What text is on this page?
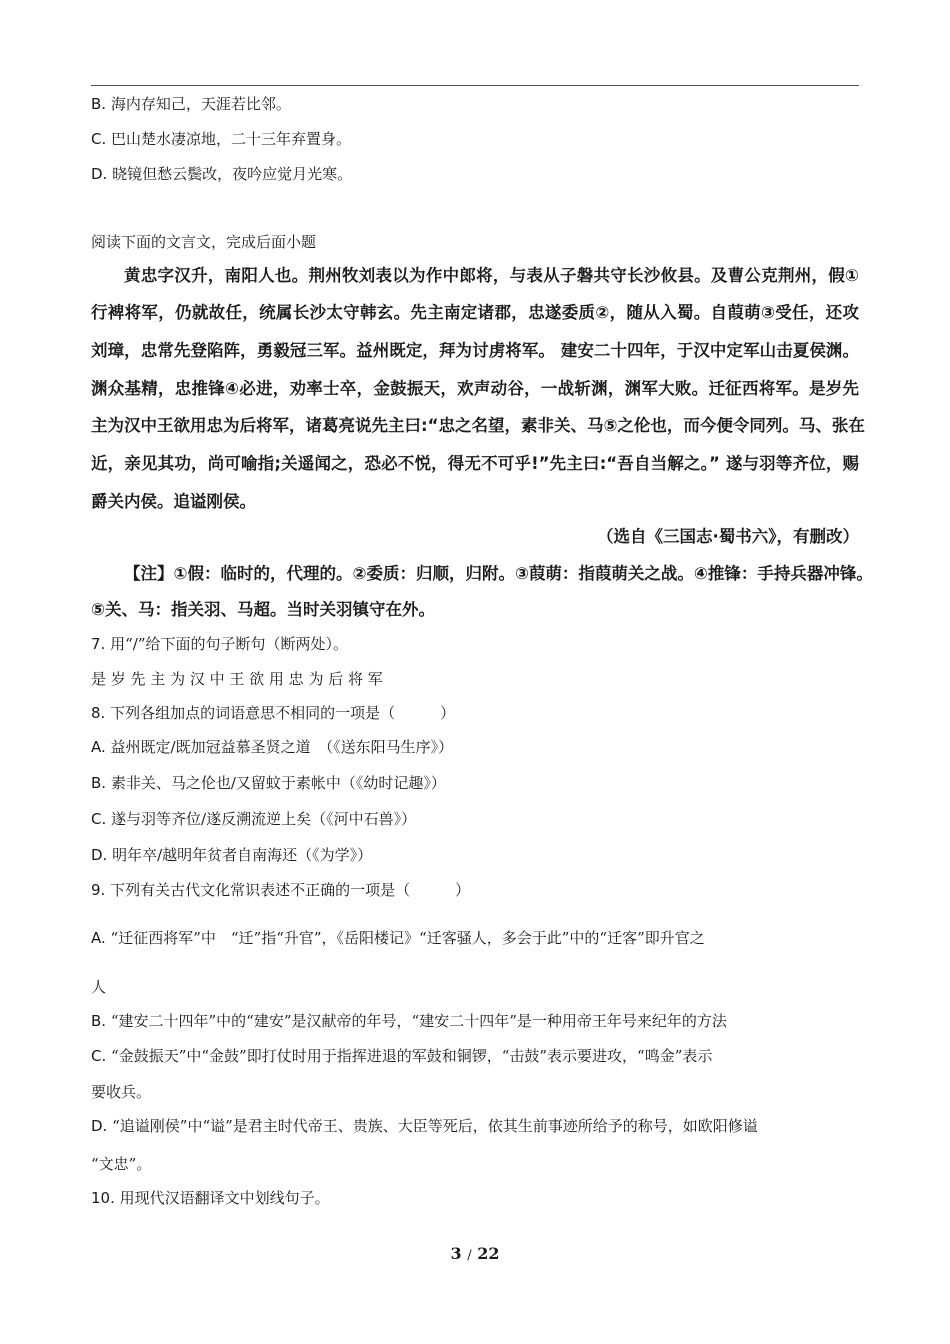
B. 海内存知己，天涯若比邻。
C. 巴山楚水凄凉地，二十三年弃置身。
D. 晓镜但愁云鬓改，夜吟应觉月光寒。
阅读下面的文言文，完成后面小题
黄忠字汉升，南阳人也。荆州牧刘表以为作中郎将，与表从子磐共守长沙攸县。及曹公克荆州，假①
行裨将军，仍就故任，统属长沙太守韩玄。先主南定诸郡，忠遂委质②，随从入蜀。自葭萌③受任，还攻
刘璋，忠常先登陷阵，勇毅冠三军。益州既定，拜为讨虏将军。 建安二十四年，于汉中定军山击夏侯渊。
渊众基精，忠推锋④必进，劝率士卒，金鼓振天，欢声动谷，一战斩渊，渊军大败。迁征西将军。是岁先
主为汉中王欲用忠为后将军，诸葛亮说先主曰:“忠之名望，素非关、马⑤之伦也，而今便令同列。马、张在
近，亲见其功，尚可喻指;关遥闻之，恐必不悦，得无不可乎!”先主曰:“吾自当解之。” 遂与羽等齐位，赐
爵关内侯。追谥刚侯。
（选自《三国志·蜀书六》，有删改）
【注】①假：临时的，代理的。②委质：归顺，归附。③葭萌：指葭萌关之战。④推锋：手持兵器冲锋。
⑤关、马：指关羽、马超。当时关羽镇守在外。
7. 用“/”给下面的句子断句（断两处）。
是 岁 先 主 为 汉 中 王 欲 用 忠 为 后 将 军
8. 下列各组加点的词语意思不相同的一项是（　　　）
A. 益州既定/既加冠益慕圣贤之道　（《送东阳马生序》）
B. 素非关、马之伦也/又留蚊于素帐中（《幼时记趣》）
C. 遂与羽等齐位/遂反溯流逆上矣（《河中石兽》）
D. 明年卒/越明年贫者自南海还（《为学》）
9. 下列有关古代文化常识表述不正确的一项是（　　　）
A. “迁征西将军”中　“迁”指“升官”，《岳阳楼记》“迁客骚人，多会于此”中的“迁客”即升官之
人
B. “建安二十四年”中的“建安”是汉献帝的年号，“建安二十四年”是一种用帝王年号来纪年的方法
C. “金鼓振天”中“金鼓”即打仗时用于指挥进退的军鼓和铜锣，“击鼓”表示要进攻，“鸣金”表示
要收兵。
D. “追谥刚侯”中“谥”是君主时代帝王、贵族、大臣等死后，依其生前事迹所给予的称号，如欧阳修谥
“文忠”。
10. 用现代汉语翻译文中划线句子。
3 / 22
